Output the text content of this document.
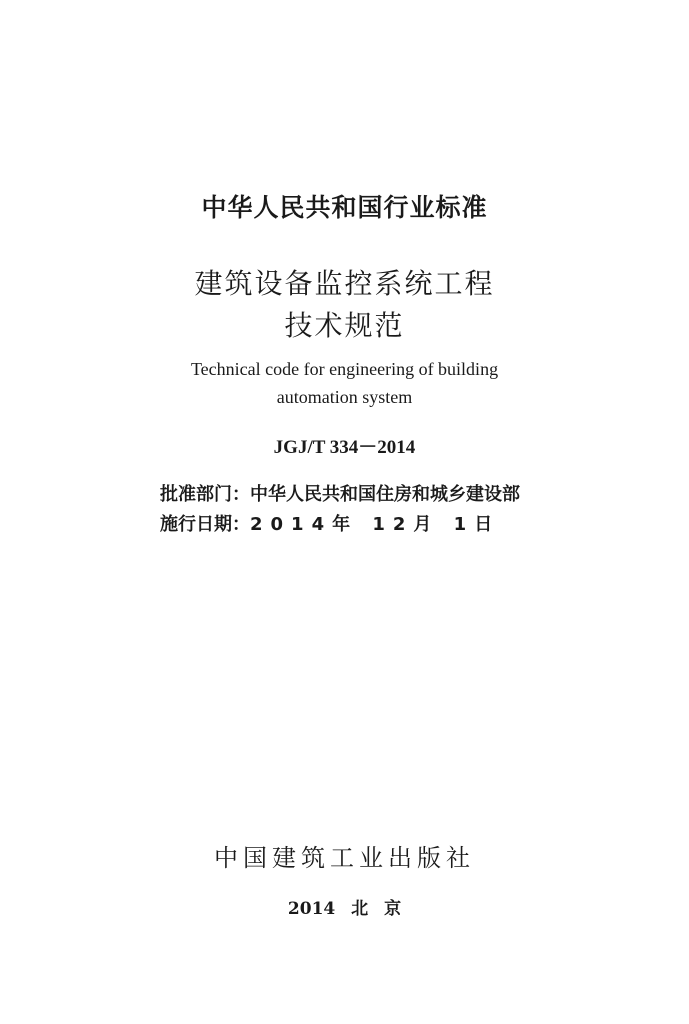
中华人民共和国行业标准
建筑设备监控系统工程
技术规范
Technical code for engineering of building
automation system
JGJ/T 334－2014
批准部门：中华人民共和国住房和城乡建设部
施行日期：2014年 12月 1日
中国建筑工业出版社
2014 北 京
